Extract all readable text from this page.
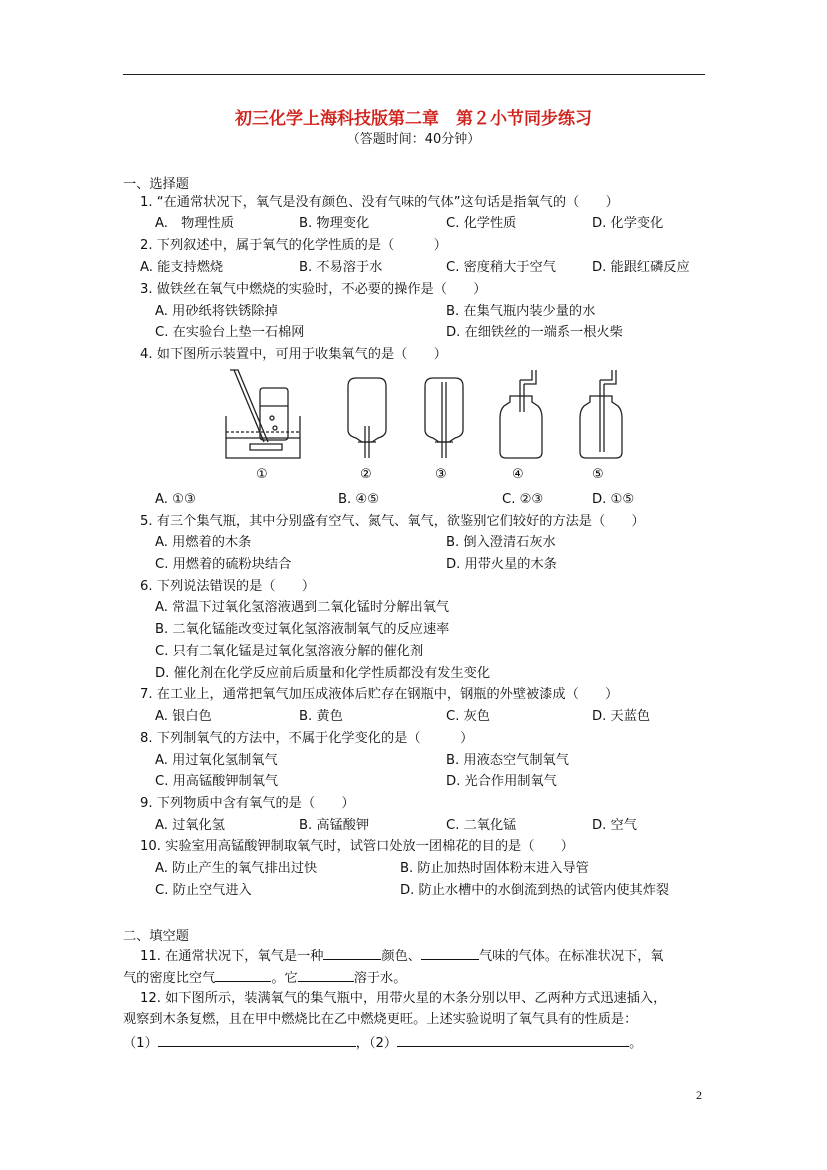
初三化学上海科技版第二章　第２小节同步练习
（答题时间：40分钟）
一、选择题
1. “在通常状况下，氧气是没有颜色、没有气味的气体”这句话是指氧气的（　　）
A.　物理性质	B. 物理变化	C. 化学性质	D. 化学变化
2. 下列叙述中，属于氧气的化学性质的是（　　　）
A. 能支持燃烧	B. 不易溶于水	C. 密度稍大于空气	D. 能跟红磷反应
3. 做铁丝在氧气中燃烧的实验时，不必要的操作是（　　）
A. 用砂纸将铁锈除掉	B. 在集气瓶内装少量的水
C. 在实验台上垫一石棉网	D. 在细铁丝的一端系一根火柴
4. 如下图所示装置中，可用于收集氧气的是（　　）
①	②	③	④	⑤
A. ①③	B. ④⑤	C. ②③	D. ①⑤
5. 有三个集气瓶，其中分别盛有空气、氮气、氧气，欲鉴别它们较好的方法是（　　）
A. 用燃着的木条	B. 倒入澄清石灰水
C. 用燃着的硫粉块结合	D. 用带火星的木条
6. 下列说法错误的是（　　）
A. 常温下过氧化氢溶液遇到二氧化锰时分解出氧气
B. 二氧化锰能改变过氧化氢溶液制氧气的反应速率
C. 只有二氧化锰是过氧化氢溶液分解的催化剂
D. 催化剂在化学反应前后质量和化学性质都没有发生变化
7. 在工业上，通常把氧气加压成液体后贮存在钢瓶中，钢瓶的外壁被漆成（　　）
A. 银白色	B. 黄色	C. 灰色	D. 天蓝色
8. 下列制氧气的方法中，不属于化学变化的是（　　　）
A. 用过氧化氢制氧气	B. 用液态空气制氧气
C. 用高锰酸钾制氧气	D. 光合作用制氧气
9. 下列物质中含有氧气的是（　　）
A. 过氧化氢	B. 高锰酸钾	C. 二氧化锰	D. 空气
10. 实验室用高锰酸钾制取氧气时，试管口处放一团棉花的目的是（　　）
A. 防止产生的氧气排出过快	B. 防止加热时固体粉末进入导管
C. 防止空气进入	D. 防止水槽中的水倒流到热的试管内使其炸裂
二、填空题
11. 在通常状况下，氧气是一种	颜色、	气味的气体。在标准状况下，氧
气的密度比空气	。它	溶于水。
12. 如下图所示，装满氧气的集气瓶中，用带火星的木条分别以甲、乙两种方式迅速插入，
观察到木条复燃，且在甲中燃烧比在乙中燃烧更旺。上述实验说明了氧气具有的性质是：
（1）	，（2）	。
2
